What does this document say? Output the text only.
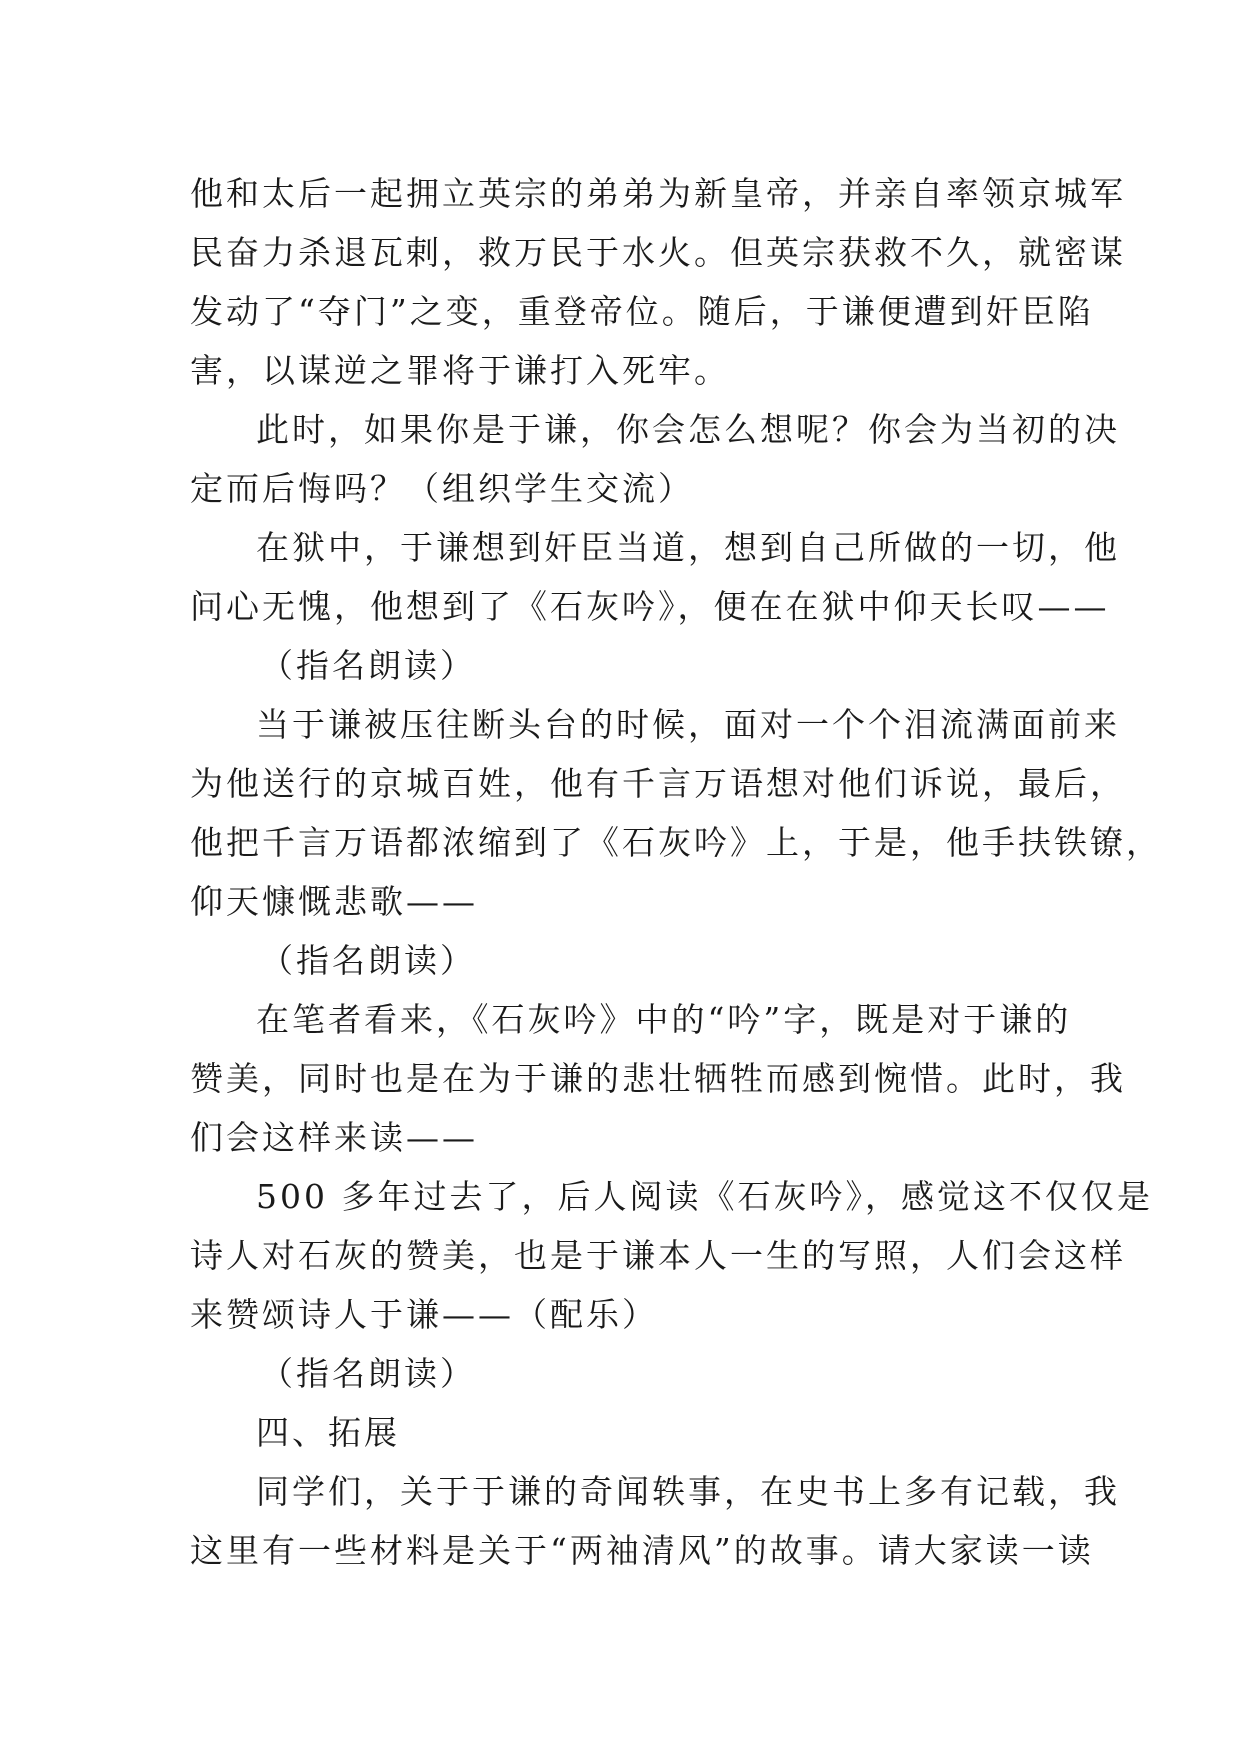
他和太后一起拥立英宗的弟弟为新皇帝，并亲自率领京城军
民奋力杀退瓦剌，救万民于水火。但英宗获救不久，就密谋
发动了“夺门”之变，重登帝位。随后，于谦便遭到奸臣陷
害，以谋逆之罪将于谦打入死牢。
此时，如果你是于谦，你会怎么想呢？你会为当初的决
定而后悔吗？（组织学生交流）
在狱中，于谦想到奸臣当道，想到自己所做的一切，他
问心无愧，他想到了《石灰吟》，便在在狱中仰天长叹——
（指名朗读）
当于谦被压往断头台的时候，面对一个个泪流满面前来
为他送行的京城百姓，他有千言万语想对他们诉说，最后，
他把千言万语都浓缩到了《石灰吟》上，于是，他手扶铁镣，
仰天慷慨悲歌——
（指名朗读）
在笔者看来，《石灰吟》中的“吟”字，既是对于谦的
赞美，同时也是在为于谦的悲壮牺牲而感到惋惜。此时，我
们会这样来读——
500 多年过去了，后人阅读《石灰吟》，感觉这不仅仅是
诗人对石灰的赞美，也是于谦本人一生的写照，人们会这样
来赞颂诗人于谦——（配乐）
（指名朗读）
四、拓展
同学们，关于于谦的奇闻轶事，在史书上多有记载，我
这里有一些材料是关于“两袖清风”的故事。请大家读一读
